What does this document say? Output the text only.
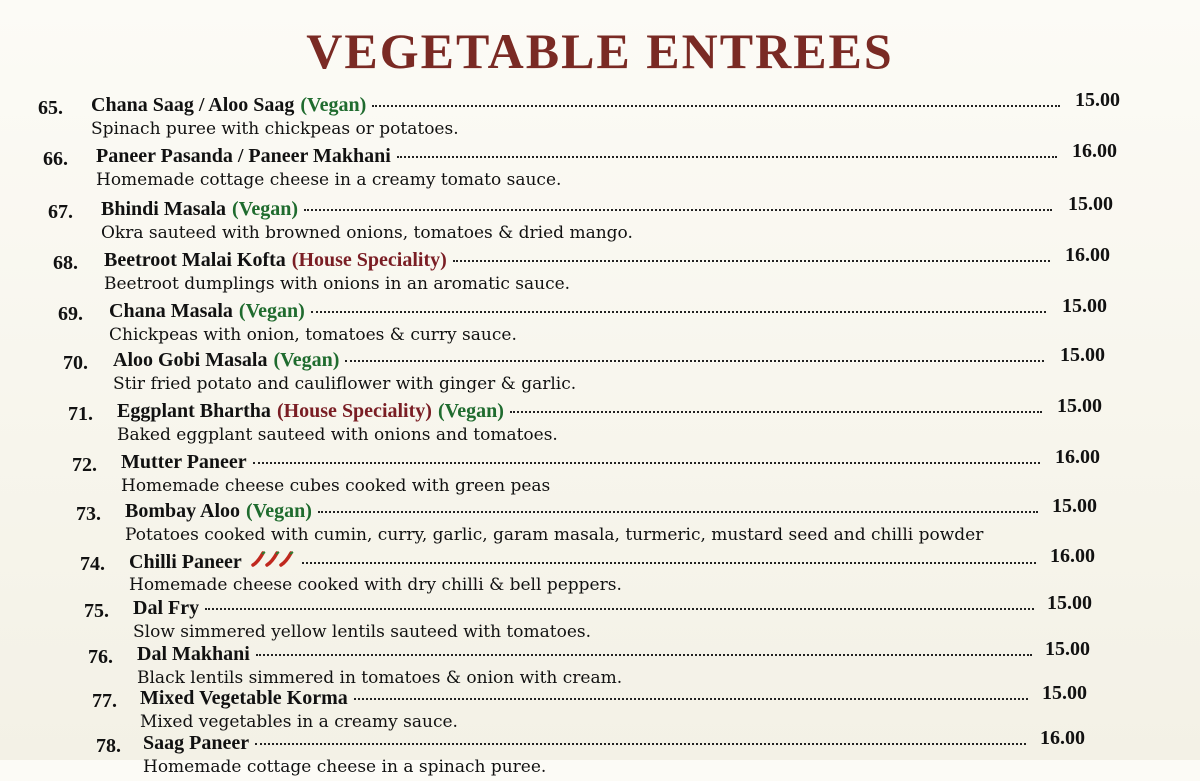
VEGETABLE ENTREES
65. Chana Saag / Aloo Saag (Vegan)	15.00
Spinach puree with chickpeas or potatoes.
66. Paneer Pasanda / Paneer Makhani	16.00
Homemade cottage cheese in a creamy tomato sauce.
67. Bhindi Masala (Vegan)	15.00
Okra sauteed with browned onions, tomatoes & dried mango.
68. Beetroot Malai Kofta (House Speciality)	16.00
Beetroot dumplings with onions in an aromatic sauce.
69. Chana Masala (Vegan)	15.00
Chickpeas with onion, tomatoes & curry sauce.
70. Aloo Gobi Masala (Vegan)	15.00
Stir fried potato and cauliflower with ginger & garlic.
71. Eggplant Bhartha (House Speciality) (Vegan)	15.00
Baked eggplant sauteed with onions and tomatoes.
72. Mutter Paneer	16.00
Homemade cheese cubes cooked with green peas
73. Bombay Aloo (Vegan)	15.00
Potatoes cooked with cumin, curry, garlic, garam masala, turmeric, mustard seed and chilli powder
74. Chilli Paneer	16.00
Homemade cheese cooked with dry chilli & bell peppers.
75. Dal Fry	15.00
Slow simmered yellow lentils sauteed with tomatoes.
76. Dal Makhani	15.00
Black lentils simmered in tomatoes & onion with cream.
77. Mixed Vegetable Korma	15.00
Mixed vegetables in a creamy sauce.
78. Saag Paneer	16.00
Homemade cottage cheese in a spinach puree.
